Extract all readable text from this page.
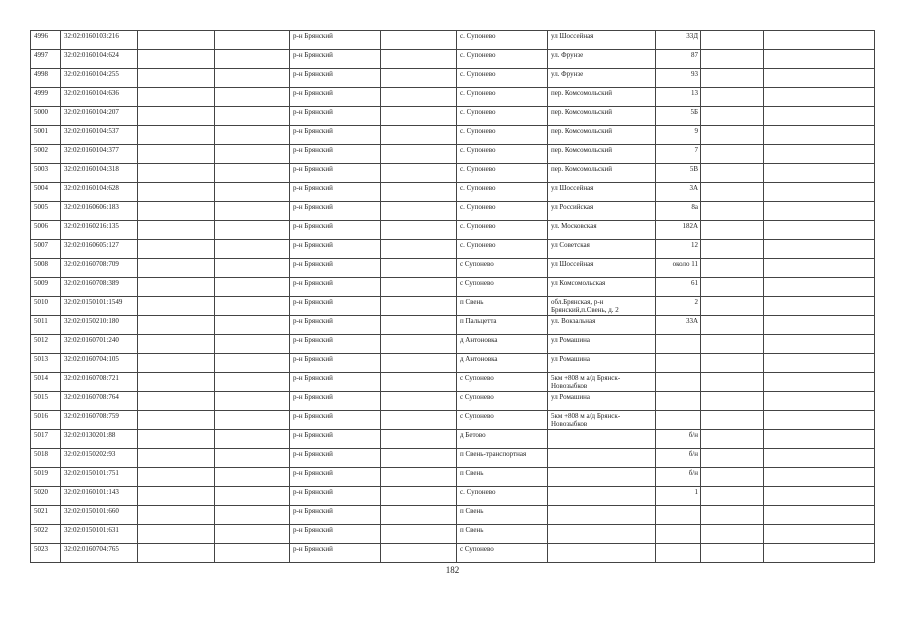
4996	32:02:0160103:216			р-н Брянский		с. Супонево	ул Шоссейная	33Д		
4997	32:02:0160104:624			р-н Брянский		с. Супонево	ул. Фрунзе	87		
4998	32:02:0160104:255			р-н Брянский		с. Супонево	ул. Фрунзе	93		
4999	32:02:0160104:636			р-н Брянский		с. Супонево	пер. Комсомольский	13		
5000	32:02:0160104:207			р-н Брянский		с. Супонево	пер. Комсомольский	5Б		
5001	32:02:0160104:537			р-н Брянский		с. Супонево	пер. Комсомольский	9		
5002	32:02:0160104:377			р-н Брянский		с. Супонево	пер. Комсомольский	7		
5003	32:02:0160104:318			р-н Брянский		с. Супонево	пер. Комсомольский	5В		
5004	32:02:0160104:628			р-н Брянский		с. Супонево	ул Шоссейная	3А		
5005	32:02:0160606:183			р-н Брянский		с. Супонево	ул Российская	8а		
5006	32:02:0160216:135			р-н Брянский		с. Супонево	ул. Московская	182А		
5007	32:02:0160605:127			р-н Брянский		с. Супонево	ул Советская	12		
5008	32:02:0160708:709			р-н Брянский		с Супонево	ул Шоссейная	около 11		
5009	32:02:0160708:389			р-н Брянский		с Супонево	ул Комсомольская	61		
5010	32:02:0150101:1549			р-н Брянский		п Свень	обл.Брянская, р-н Брянский,п.Свень, д. 2	2		
5011	32:02:0150210:180			р-н Брянский		п Пальцеттa	ул. Вокзальная	33А		
5012	32:02:0160701:240			р-н Брянский		д Антоновка	ул Ромашина			
5013	32:02:0160704:105			р-н Брянский		д Антоновка	ул Ромашина			
5014	32:02:0160708:721			р-н Брянский		с Супонево	5км +808 м а/д Брянск-Новозыбков			
5015	32:02:0160708:764			р-н Брянский		с Супонево	ул Ромашина			
5016	32:02:0160708:759			р-н Брянский		с Супонево	5км +808 м а/д Брянск-Новозыбков			
5017	32:02:0130201:88			р-н Брянский		д Бетово		б/н		
5018	32:02:0150202:93			р-н Брянский		п Свень-транспортная		б/н		
5019	32:02:0150101:751			р-н Брянский		п Свень		б/н		
5020	32:02:0160101:143			р-н Брянский		с. Супонево		1		
5021	32:02:0150101:660			р-н Брянский		п Свень				
5022	32:02:0150101:631			р-н Брянский		п Свень				
5023	32:02:0160704:765			р-н Брянский		с Супонево				
182
